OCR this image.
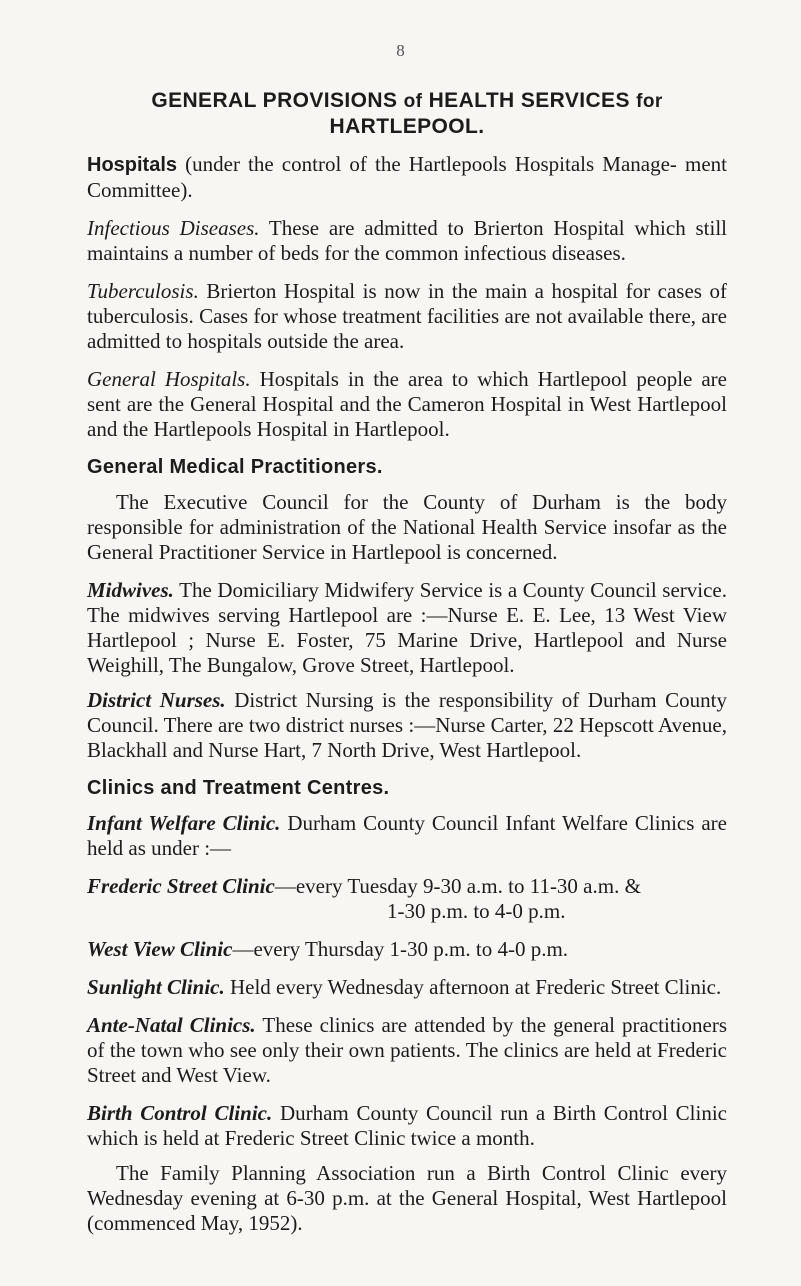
8
GENERAL PROVISIONS of HEALTH SERVICES for
HARTLEPOOL.

Hospitals (under the control of the Hartlepools Hospitals Manage- ment Committee).

Infectious Diseases. These are admitted to Brierton Hospital which still maintains a number of beds for the common infectious diseases.

Tuberculosis. Brierton Hospital is now in the main a hospital for cases of tuberculosis. Cases for whose treatment facilities are not available there, are admitted to hospitals outside the area.

General Hospitals. Hospitals in the area to which Hartlepool people are sent are the General Hospital and the Cameron Hospital in West Hartlepool and the Hartlepools Hospital in Hartlepool.

General Medical Practitioners.

The Executive Council for the County of Durham is the body responsible for administration of the National Health Service insofar as the General Practitioner Service in Hartlepool is concerned.

Midwives. The Domiciliary Midwifery Service is a County Council service. The midwives serving Hartlepool are :—Nurse E. E. Lee, 13 West View Hartlepool ; Nurse E. Foster, 75 Marine Drive, Hartlepool and Nurse Weighill, The Bungalow, Grove Street, Hartlepool.

District Nurses. District Nursing is the responsibility of Durham County Council. There are two district nurses :—Nurse Carter, 22 Hepscott Avenue, Blackhall and Nurse Hart, 7 North Drive, West Hartlepool.

Clinics and Treatment Centres.

Infant Welfare Clinic. Durham County Council Infant Welfare Clinics are held as under :—

Frederic Street Clinic—every Tuesday 9-30 a.m. to 11-30 a.m. &

1-30 p.m. to 4-0 p.m.

West View Clinic—every Thursday 1-30 p.m. to 4-0 p.m.

Sunlight Clinic. Held every Wednesday afternoon at Frederic Street Clinic.

Ante-Natal Clinics. These clinics are attended by the general practitioners of the town who see only their own patients. The clinics are held at Frederic Street and West View.

Birth Control Clinic. Durham County Council run a Birth Control Clinic which is held at Frederic Street Clinic twice a month.

The Family Planning Association run a Birth Control Clinic every Wednesday evening at 6-30 p.m. at the General Hospital, West Hartlepool (commenced May, 1952).
